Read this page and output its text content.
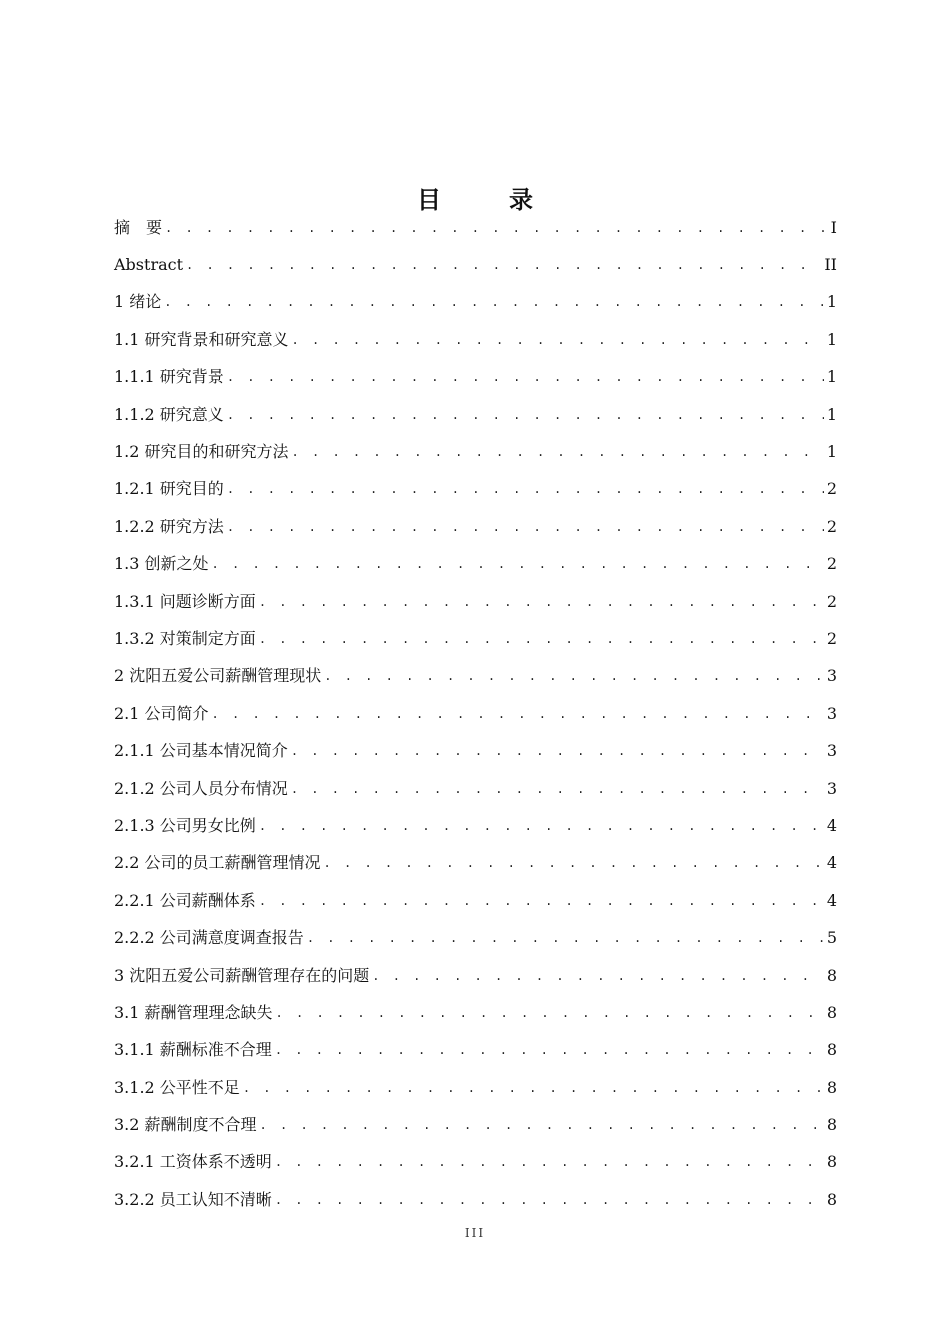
目　录
摘　要 . . .	I
Abstract . . .	II
1 绪论 . . .	1
1.1 研究背景和研究意义 . . .	1
1.1.1 研究背景 . . .	1
1.1.2 研究意义 . . .	1
1.2 研究目的和研究方法 . . .	1
1.2.1 研究目的 . . .	2
1.2.2 研究方法 . . .	2
1.3 创新之处 . . .	2
1.3.1 问题诊断方面 . . .	2
1.3.2 对策制定方面 . . .	2
2 沈阳五爱公司薪酬管理现状 . . .	3
2.1 公司简介 . . .	3
2.1.1 公司基本情况简介 . . .	3
2.1.2 公司人员分布情况 . . .	3
2.1.3 公司男女比例 . . .	4
2.2 公司的员工薪酬管理情况 . . .	4
2.2.1 公司薪酬体系 . . .	4
2.2.2 公司满意度调查报告 . . .	5
3 沈阳五爱公司薪酬管理存在的问题 . . .	8
3.1 薪酬管理理念缺失 . . .	8
3.1.1 薪酬标准不合理 . . .	8
3.1.2 公平性不足 . . .	8
3.2 薪酬制度不合理 . . .	8
3.2.1 工资体系不透明 . . .	8
3.2.2 员工认知不清晰 . . .	8
III
